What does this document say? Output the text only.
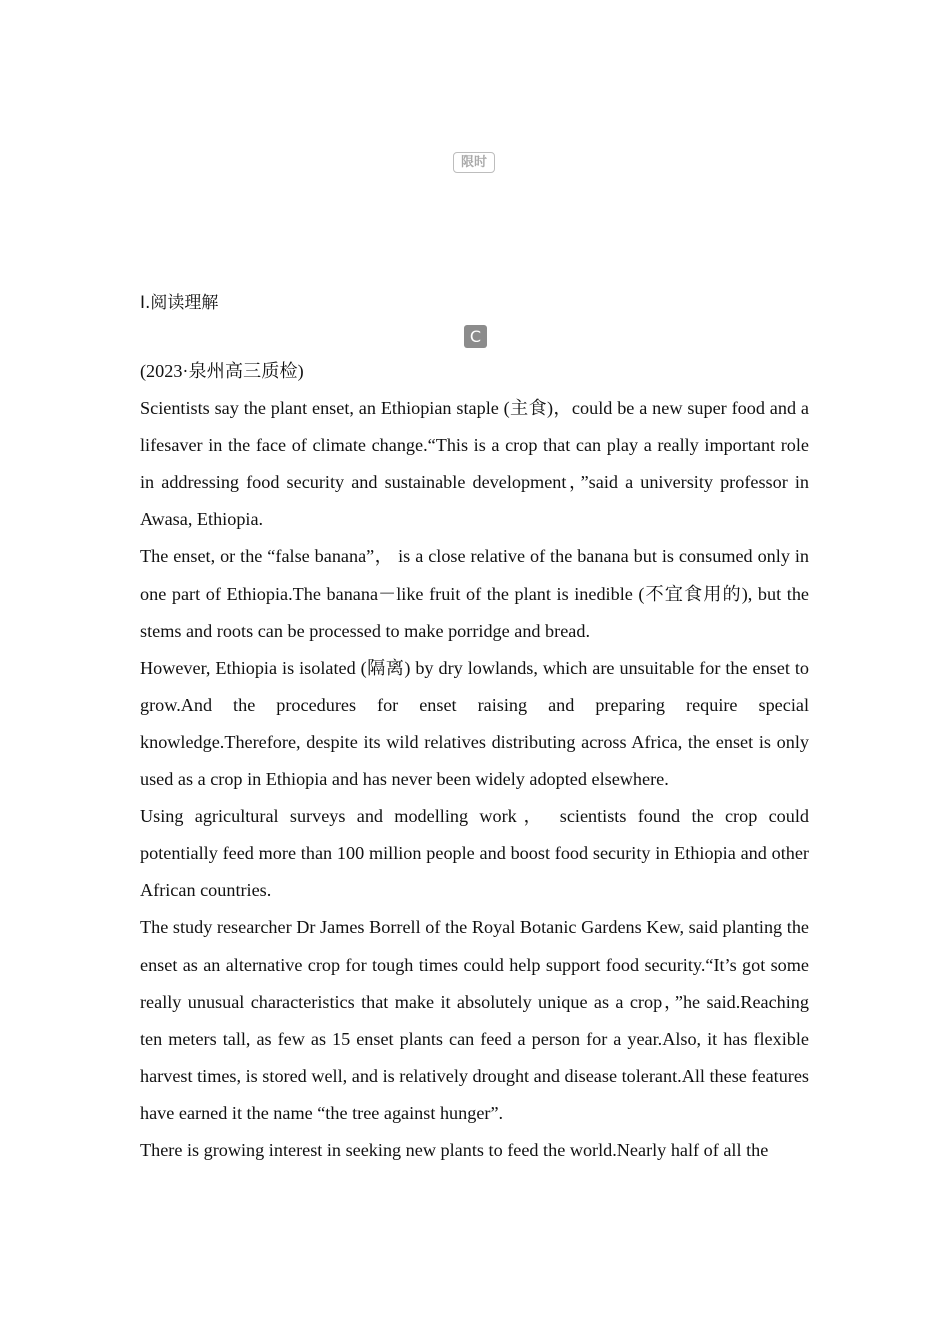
限时
Ⅰ.阅读理解
C

(2023·泉州高三质检)

Scientists say the plant enset, an Ethiopian staple (主食)，could be a new super food and a lifesaver in the face of climate change.“This is a crop that can play a really important role in addressing food security and sustainable development，”said a university professor in Awasa, Ethiopia.

The enset, or the “false banana”， is a close relative of the banana but is consumed only in one part of Ethiopia.The banana－like fruit of the plant is inedible (不宜食用的), but the stems and roots can be processed to make porridge and bread.

However, Ethiopia is isolated (隔离) by dry lowlands, which are unsuitable for the enset to grow.And the procedures for enset raising and preparing require special knowledge.Therefore, despite its wild relatives distributing across Africa, the enset is only used as a crop in Ethiopia and has never been widely adopted elsewhere.

Using agricultural surveys and modelling work， scientists found the crop could potentially feed more than 100 million people and boost food security in Ethiopia and other African countries.

The study researcher Dr James Borrell of the Royal Botanic Gardens Kew, said planting the enset as an alternative crop for tough times could help support food security.“It’s got some really unusual characteristics that make it absolutely unique as a crop，”he said.Reaching ten meters tall, as few as 15 enset plants can feed a person for a year.Also, it has flexible harvest times, is stored well, and is relatively drought and disease tolerant.All these features have earned it the name “the tree against hunger”.

There is growing interest in seeking new plants to feed the world.Nearly half of all the
